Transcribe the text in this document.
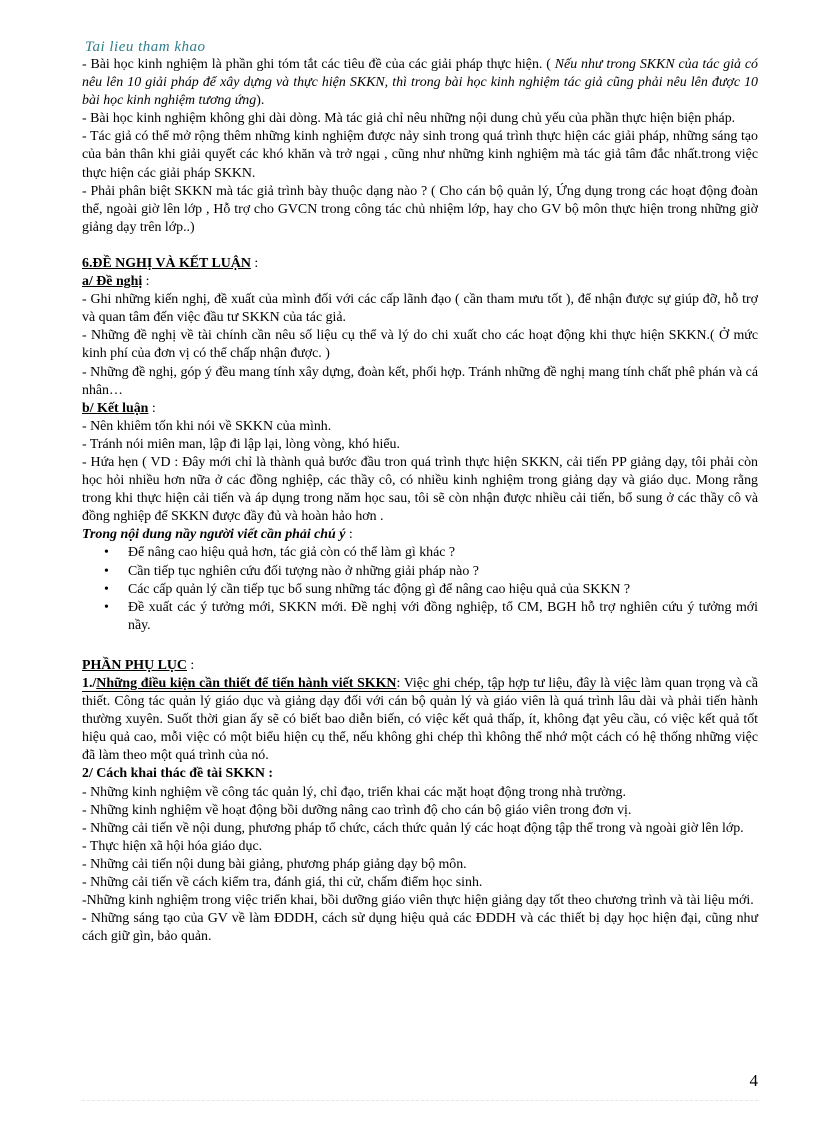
Tai lieu tham khao

- Bài học kinh nghiệm là phần ghi tóm tắt các tiêu đề của các giải pháp thực hiện. ( Nếu như trong SKKN của tác giả có nêu lên 10 giải pháp để xây dựng và thực hiện SKKN, thì trong bài học kinh nghiệm tác giả cũng phải nêu lên được 10 bài học kinh nghiệm tương ứng).

- Bài học kinh nghiệm không ghi dài dòng. Mà tác giả chỉ nêu những nội dung chủ yếu của phần thực hiện biện pháp.

- Tác giả có thể mở rộng thêm những kinh nghiệm được nảy sinh trong quá trình thực hiện các giải pháp, những sáng tạo của bản thân khi giải quyết các khó khăn và trở ngại , cũng như những kinh nghiệm mà tác giả tâm đắc nhất.trong việc thực hiện các giải pháp SKKN.

- Phải phân biệt SKKN mà tác giả trình bày thuộc dạng nào ? ( Cho cán bộ quản lý, Ứng dụng trong các hoạt động đoàn thể, ngoài giờ lên lớp , Hỗ trợ cho GVCN trong công tác chủ nhiệm lớp, hay cho GV bộ môn thực hiện trong những giờ giảng dạy trên lớp..)

6.ĐỀ NGHỊ VÀ KẾT LUẬN :

a/ Đề nghị :

- Ghi những kiến nghị, đề xuất của mình đối với các cấp lãnh đạo ( cần tham mưu tốt ), để nhận được sự giúp đỡ, hỗ trợ và quan tâm đến việc đầu tư SKKN của tác giả.

- Những đề nghị về tài chính cần nêu số liệu cụ thể và lý do chi xuất cho các hoạt động khi thực hiện SKKN.( Ở mức kinh phí của đơn vị có thể chấp nhận được. )

- Những đề nghị, góp ý đều mang tính xây dựng, đoàn kết, phối hợp. Tránh những đề nghị mang tính chất phê phán và cá nhân…

b/ Kết luận :

- Nên khiêm tốn khi nói về SKKN của mình.

- Tránh nói miên man, lập đi lập lại, lòng vòng, khó hiểu.

- Hứa hẹn ( VD : Đây mới chỉ là thành quả bước đầu tron quá trình thực hiện SKKN, cải tiến PP giảng dạy, tôi phải còn học hỏi nhiều hơn nữa ở các đồng nghiệp, các thầy cô, có nhiều kinh nghiệm trong giảng dạy và giáo dục. Mong rằng trong khi thực hiện cải tiến và áp dụng trong năm học sau, tôi sẽ còn nhận được nhiều cải tiến, bổ sung ở các thầy cô và đồng nghiệp để SKKN được đầy đủ và hoàn hảo hơn .

Trong nội dung nầy người viết cần phải chú ý :

• Để nâng cao hiệu quả hơn, tác giả còn có thể làm gì khác ?
• Cần tiếp tục nghiên cứu đối tượng nào ở những giải pháp nào ?
• Các cấp quản lý cần tiếp tục bổ sung những tác động gì để nâng cao hiệu quả của SKKN ?
• Đề xuất các ý tưởng mới, SKKN mới. Đề nghị với đồng nghiệp, tổ CM, BGH hỗ trợ nghiên cứu ý tưởng mới nầy.

PHẦN PHỤ LỤC :

1./Những điều kiện cần thiết để tiến hành viết SKKN: Việc ghi chép, tập hợp tư liệu, đây là việc làm quan trọng và cầ thiết. Công tác quản lý giáo dục và giảng dạy đối với cán bộ quản lý và giáo viên là quá trình lâu dài và phải tiến hành thường xuyên. Suốt thời gian ấy sẽ có biết bao diễn biến, có việc kết quả thấp, ít, không đạt yêu cầu, có việc kết quả tốt hiệu quả cao, mỗi việc có một biểu hiện cụ thể, nếu không ghi chép thì không thể nhớ một cách có hệ thống những việc đã làm theo một quá trình của nó.

2/ Cách khai thác đề tài SKKN :

- Những kinh nghiệm về công tác quản lý, chỉ đạo, triển khai các mặt hoạt động trong nhà trường.

- Những kinh nghiệm về hoạt động bồi dưỡng nâng cao trình độ cho cán bộ giáo viên trong đơn vị.

- Những cải tiến về nội dung, phương pháp tổ chức, cách thức quản lý các hoạt động tập thể trong và ngoài giờ lên lớp.

- Thực hiện xã hội hóa giáo dục.

- Những cải tiến nội dung bài giảng, phương pháp giảng dạy bộ môn.

- Những cải tiến về cách kiểm tra, đánh giá, thi cử, chấm điểm học sinh.

-Những kinh nghiệm trong việc triển khai, bồi dưỡng giáo viên thực hiện giảng dạy tốt theo chương trình và tài liệu mới.

- Những sáng tạo của GV về làm ĐDDH, cách sử dụng hiệu quả các ĐDDH và các thiết bị dạy học hiện đại, cũng như cách giữ gìn, bảo quản.

4
